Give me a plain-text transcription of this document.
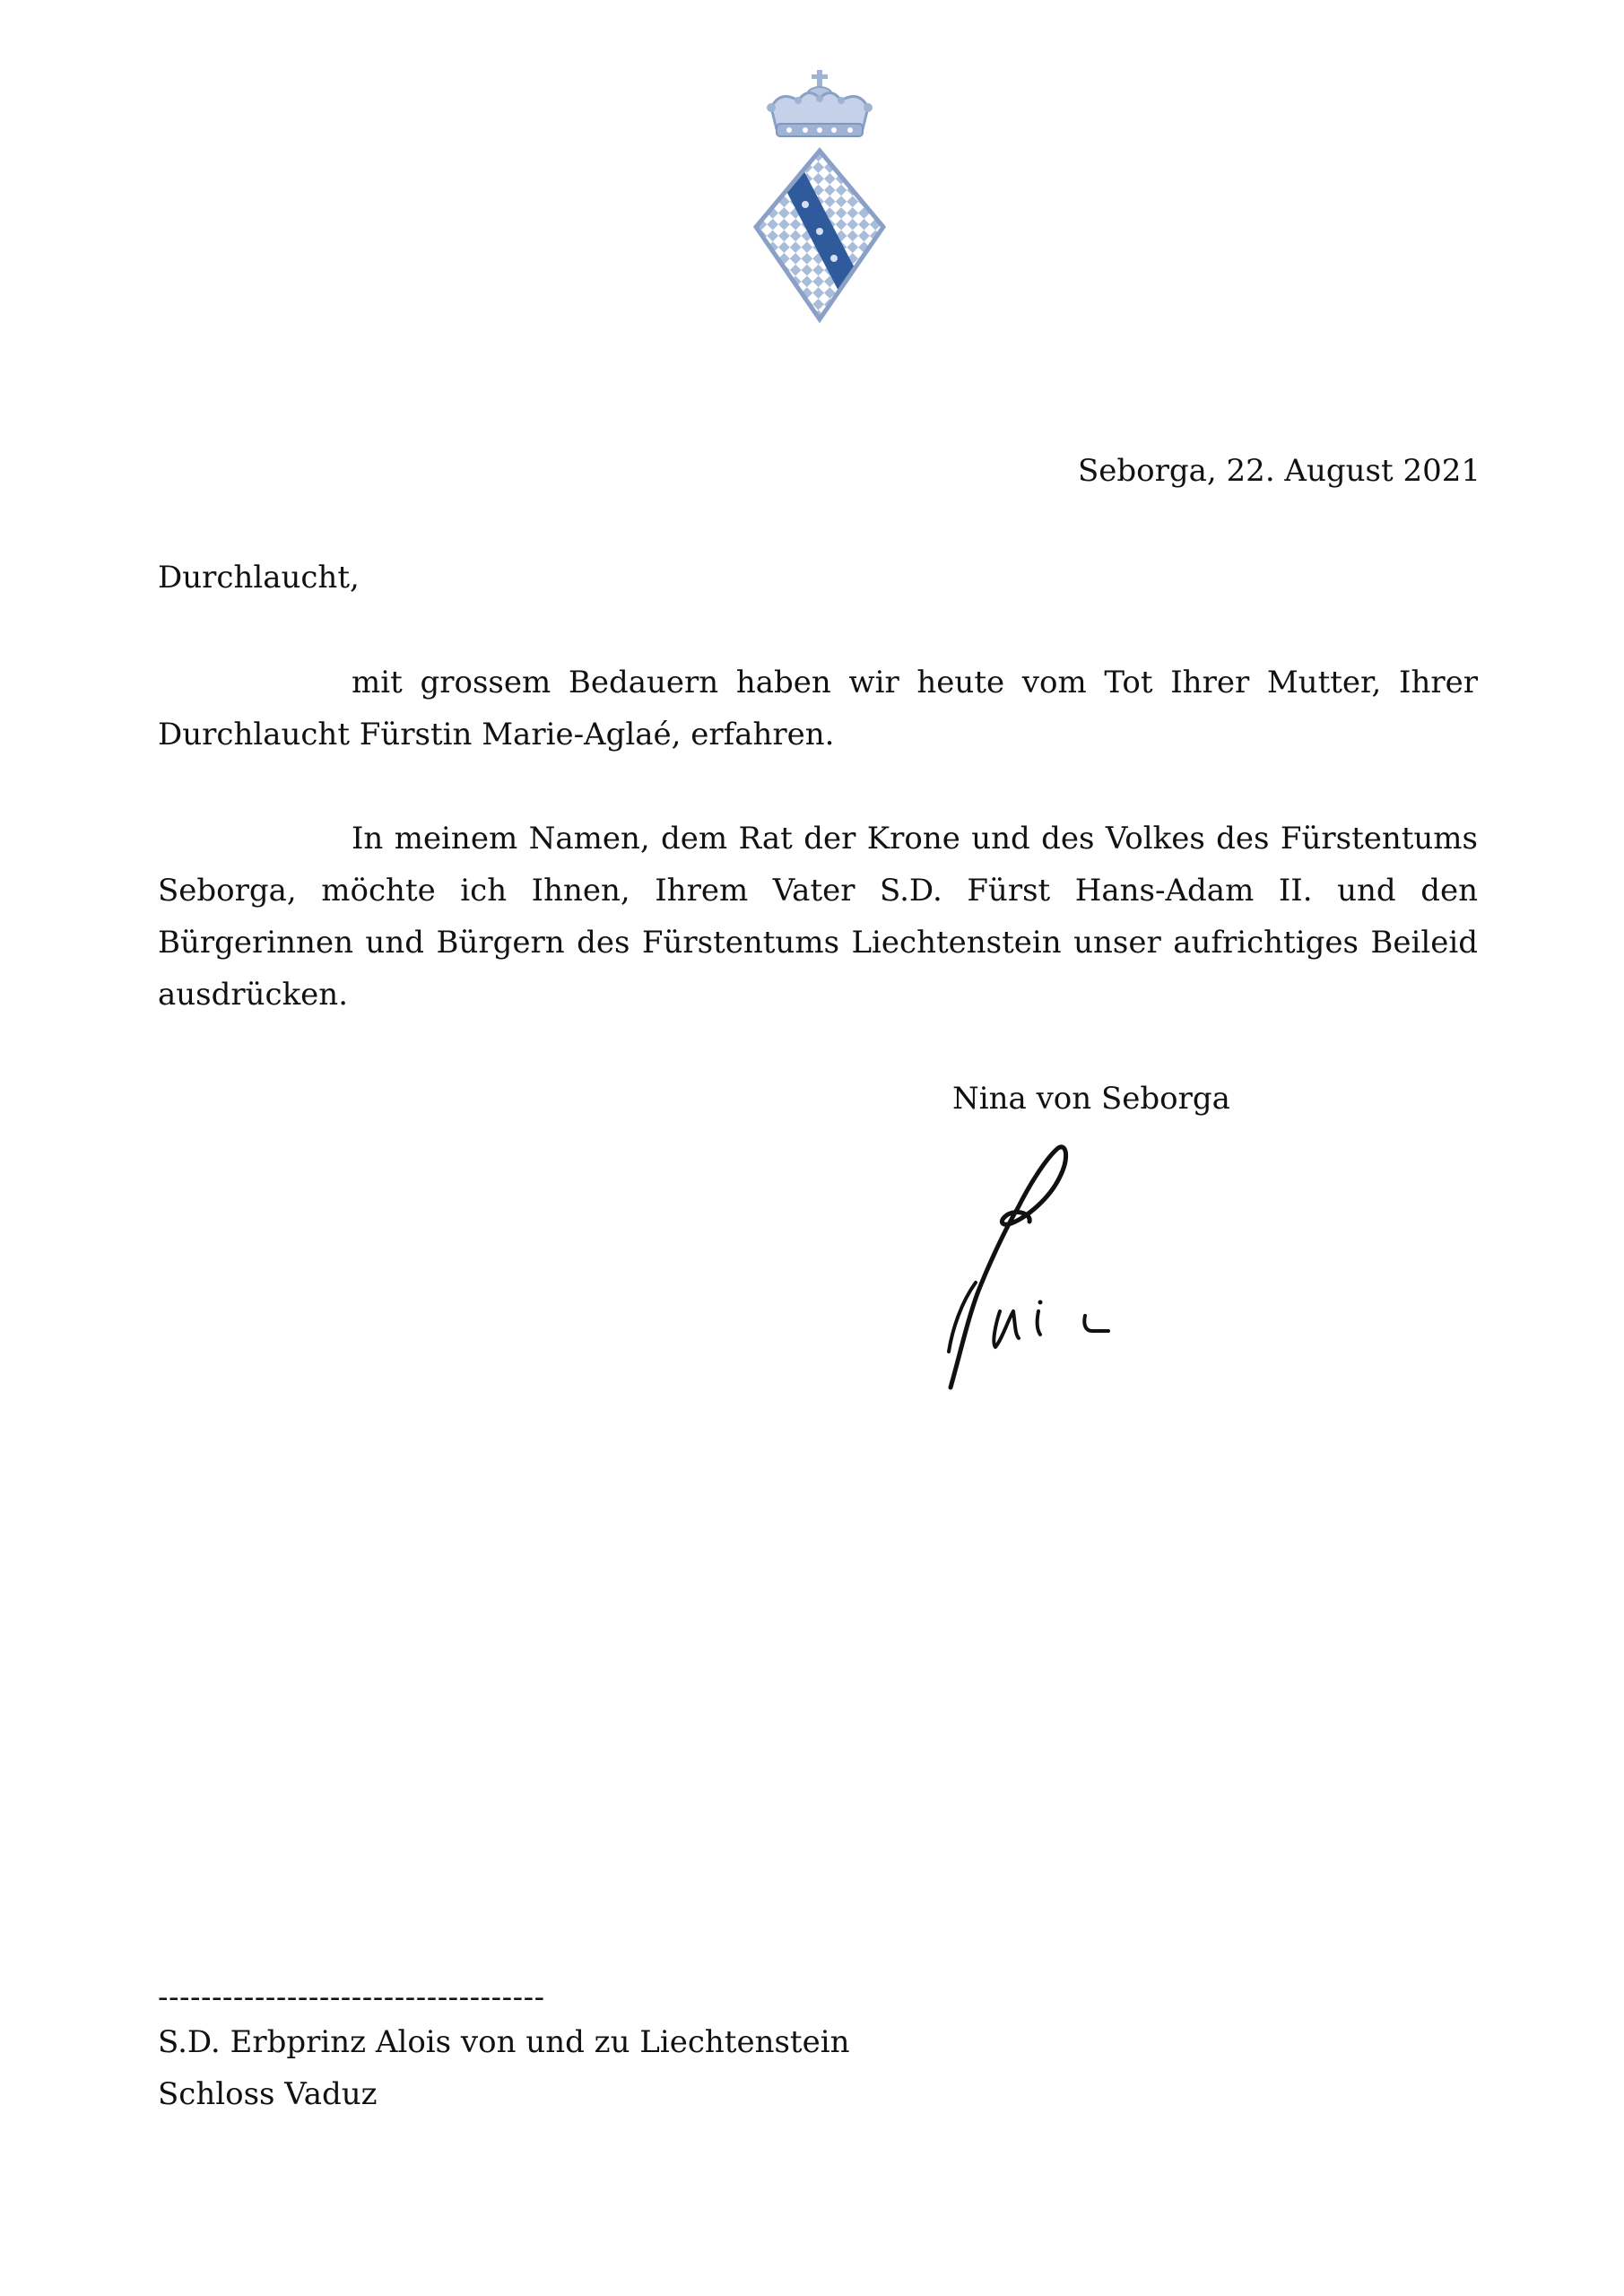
Seborga, 22. August 2021
Durchlaucht,

mit grossem Bedauern haben wir heute vom Tot Ihrer Mutter, Ihrer Durchlaucht Fürstin Marie-Aglaé, erfahren.

In meinem Namen, dem Rat der Krone und des Volkes des Fürstentums Seborga, möchte ich Ihnen, Ihrem Vater S.D. Fürst Hans-Adam II. und den Bürgerinnen und Bürgern des Fürstentums Liechtenstein unser aufrichtiges Beileid ausdrücken.

Nina von Seborga
------------------------------------
S.D. Erbprinz Alois von und zu Liechtenstein
Schloss Vaduz
